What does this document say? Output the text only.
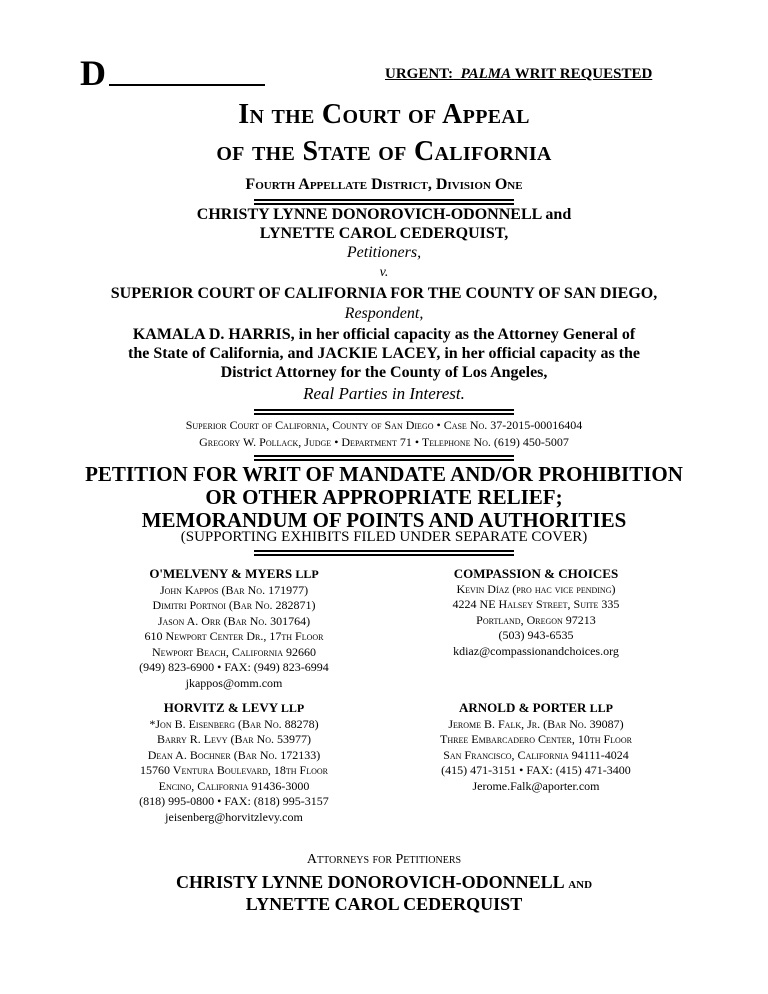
D	URGENT: PALMA WRIT REQUESTED
In the Court of Appeal
of the State of California
Fourth Appellate District, Division One
CHRISTY LYNNE DONOROVICH-ODONNELL and
LYNETTE CAROL CEDERQUIST,
Petitioners,
v.
SUPERIOR COURT OF CALIFORNIA FOR THE COUNTY OF SAN DIEGO,
Respondent,
KAMALA D. HARRIS, in her official capacity as the Attorney General of
the State of California, and JACKIE LACEY, in her official capacity as the
District Attorney for the County of Los Angeles,
Real Parties in Interest.
Superior Court of California, County of San Diego • Case No. 37-2015-00016404
Gregory W. Pollack, Judge • Department 71 • Telephone No. (619) 450-5007
PETITION FOR WRIT OF MANDATE AND/OR PROHIBITION
OR OTHER APPROPRIATE RELIEF;
MEMORANDUM OF POINTS AND AUTHORITIES
(SUPPORTING EXHIBITS FILED UNDER SEPARATE COVER)
O'MELVENY & MYERS LLP
John Kappos (Bar No. 171977)
Dimitri Portnoi (Bar No. 282871)
Jason A. Orr (Bar No. 301764)
610 Newport Center Dr., 17th Floor
Newport Beach, California 92660
(949) 823-6900 • FAX: (949) 823-6994
jkappos@omm.com
COMPASSION & CHOICES
Kevin Díaz (pro hac vice pending)
4224 NE Halsey Street, Suite 335
Portland, Oregon 97213
(503) 943-6535
kdiaz@compassionandchoices.org
HORVITZ & LEVY LLP
*Jon B. Eisenberg (Bar No. 88278)
Barry R. Levy (Bar No. 53977)
Dean A. Bochner (Bar No. 172133)
15760 Ventura Boulevard, 18th Floor
Encino, California 91436-3000
(818) 995-0800 • FAX: (818) 995-3157
jeisenberg@horvitzlevy.com
ARNOLD & PORTER LLP
Jerome B. Falk, Jr. (Bar No. 39087)
Three Embarcadero Center, 10th Floor
San Francisco, California 94111-4024
(415) 471-3151 • FAX: (415) 471-3400
Jerome.Falk@aporter.com
Attorneys for Petitioners
CHRISTY LYNNE DONOROVICH-ODONNELL and
LYNETTE CAROL CEDERQUIST
